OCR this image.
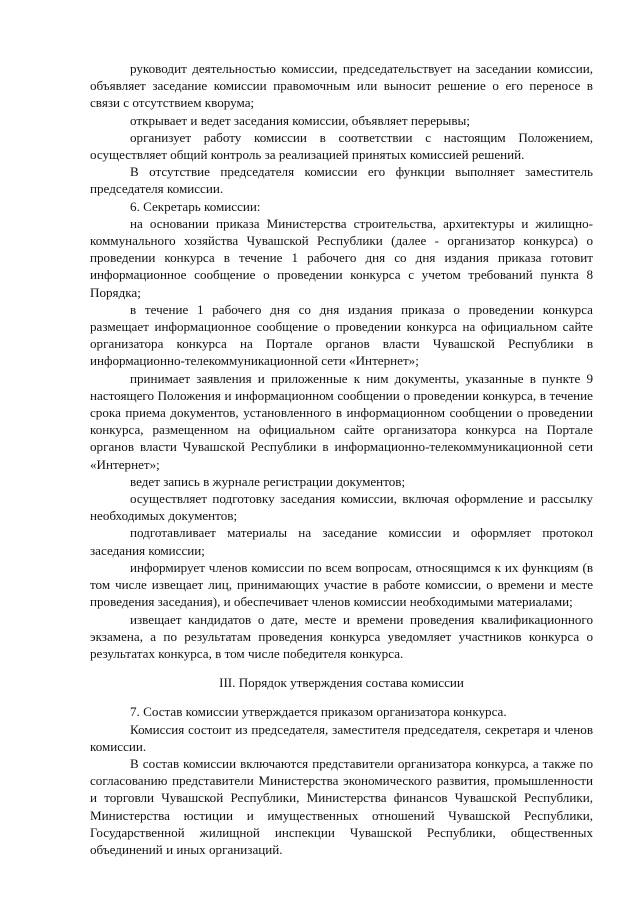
руководит деятельностью комиссии, председательствует на заседании комиссии, объявляет заседание комиссии правомочным или выносит решение о его переносе в связи с отсутствием кворума;

открывает и ведет заседания комиссии, объявляет перерывы;

организует работу комиссии в соответствии с настоящим Положением, осуществляет общий контроль за реализацией принятых комиссией решений.

В отсутствие председателя комиссии его функции выполняет заместитель председателя комиссии.

6. Секретарь комиссии:

на основании приказа Министерства строительства, архитектуры и жилищно-коммунального хозяйства Чувашской Республики (далее - организатор конкурса) о проведении конкурса в течение 1 рабочего дня со дня издания приказа готовит информационное сообщение о проведении конкурса с учетом требований пункта 8 Порядка;

в течение 1 рабочего дня со дня издания приказа о проведении конкурса размещает информационное сообщение о проведении конкурса на официальном сайте организатора конкурса на Портале органов власти Чувашской Республики в информационно-телекоммуникационной сети «Интернет»;

принимает заявления и приложенные к ним документы, указанные в пункте 9 настоящего Положения и информационном сообщении о проведении конкурса, в течение срока приема документов, установленного в информационном сообщении о проведении конкурса, размещенном на официальном сайте организатора конкурса на Портале органов власти Чувашской Республики в информационно-телекоммуникационной сети «Интернет»;

ведет запись в журнале регистрации документов;

осуществляет подготовку заседания комиссии, включая оформление и рассылку необходимых документов;

подготавливает материалы на заседание комиссии и оформляет протокол заседания комиссии;

информирует членов комиссии по всем вопросам, относящимся к их функциям (в том числе извещает лиц, принимающих участие в работе комиссии, о времени и месте проведения заседания), и обеспечивает членов комиссии необходимыми материалами;

извещает кандидатов о дате, месте и времени проведения квалификационного экзамена, а по результатам проведения конкурса уведомляет участников конкурса о результатах конкурса, в том числе победителя конкурса.

III. Порядок утверждения состава комиссии

7. Состав комиссии утверждается приказом организатора конкурса.

Комиссия состоит из председателя, заместителя председателя, секретаря и членов комиссии.

В состав комиссии включаются представители организатора конкурса, а также по согласованию представители Министерства экономического развития, промышленности и торговли Чувашской Республики, Министерства финансов Чувашской Республики, Министерства юстиции и имущественных отношений Чувашской Республики, Государственной жилищной инспекции Чувашской Республики, общественных объединений и иных организаций.
